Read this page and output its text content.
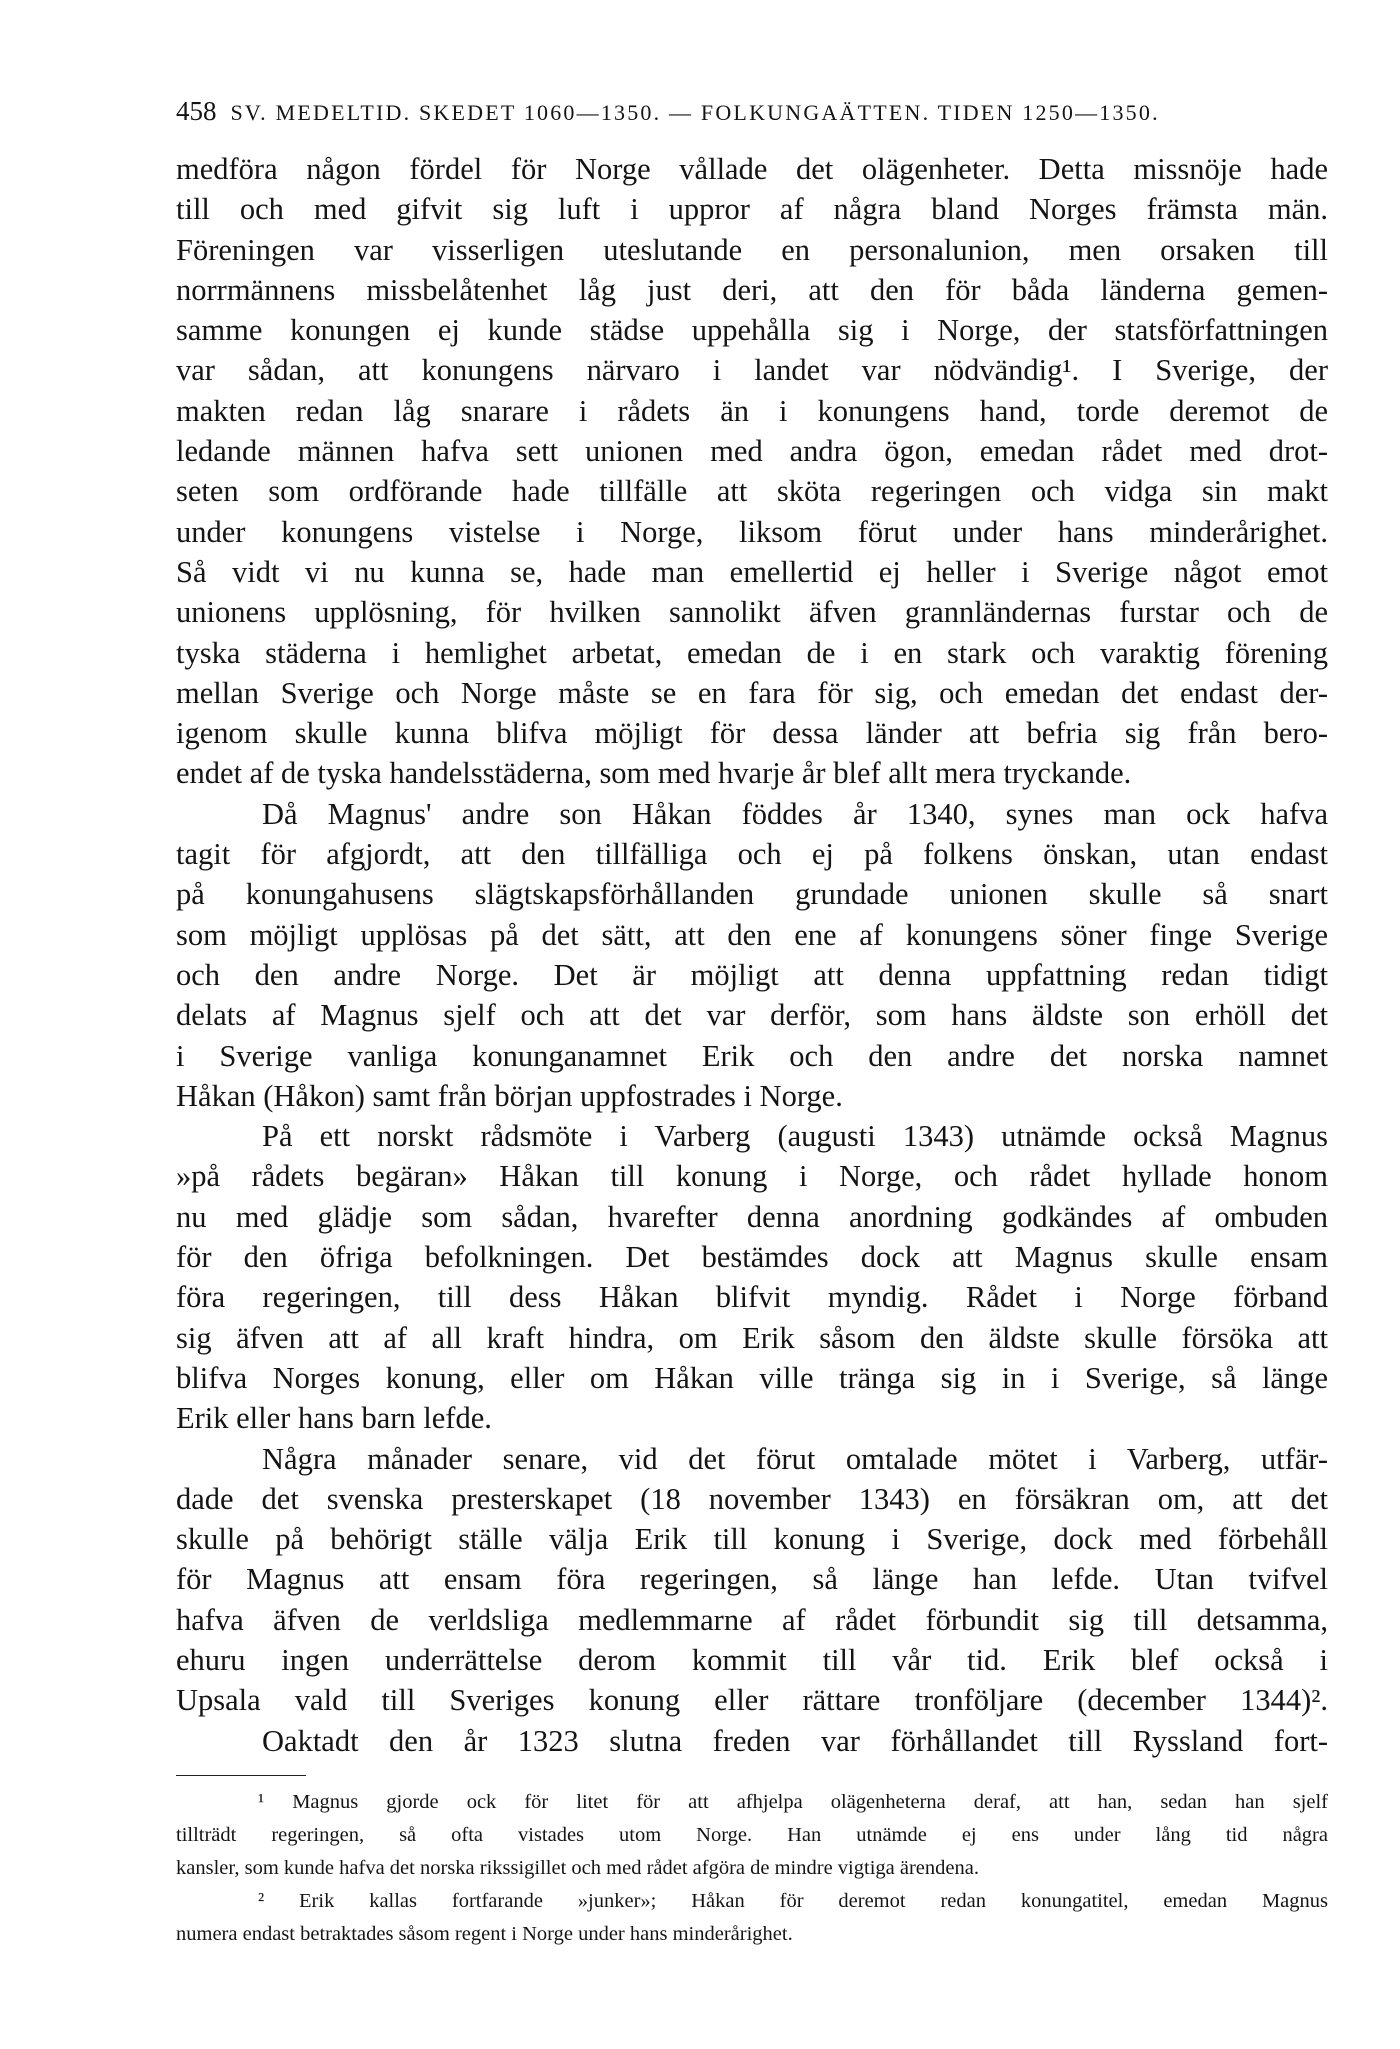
458 SV. MEDELTID. SKEDET 1060—1350. — FOLKUNGAÄTTEN. TIDEN 1250—1350.
medföra någon fördel för Norge vållade det olägenheter. Detta missnöje hade
till och med gifvit sig luft i uppror af några bland Norges främsta män.
Föreningen var visserligen uteslutande en personalunion, men orsaken till
norrmännens missbelåtenhet låg just deri, att den för båda länderna gemen-
samme konungen ej kunde städse uppehålla sig i Norge, der statsförfattningen
var sådan, att konungens närvaro i landet var nödvändig¹. I Sverige, der
makten redan låg snarare i rådets än i konungens hand, torde deremot de
ledande männen hafva sett unionen med andra ögon, emedan rådet med drot-
seten som ordförande hade tillfälle att sköta regeringen och vidga sin makt
under konungens vistelse i Norge, liksom förut under hans minderårighet.
Så vidt vi nu kunna se, hade man emellertid ej heller i Sverige något emot
unionens upplösning, för hvilken sannolikt äfven grannländernas furstar och de
tyska städerna i hemlighet arbetat, emedan de i en stark och varaktig förening
mellan Sverige och Norge måste se en fara för sig, och emedan det endast der-
igenom skulle kunna blifva möjligt för dessa länder att befria sig från bero-
endet af de tyska handelsstäderna, som med hvarje år blef allt mera tryckande.
Då Magnus' andre son Håkan föddes år 1340, synes man ock hafva
tagit för afgjordt, att den tillfälliga och ej på folkens önskan, utan endast
på konungahusens slägtskapsförhållanden grundade unionen skulle så snart
som möjligt upplösas på det sätt, att den ene af konungens söner finge Sverige
och den andre Norge. Det är möjligt att denna uppfattning redan tidigt
delats af Magnus sjelf och att det var derför, som hans äldste son erhöll det
i Sverige vanliga konunganamnet Erik och den andre det norska namnet
Håkan (Håkon) samt från början uppfostrades i Norge.
På ett norskt rådsmöte i Varberg (augusti 1343) utnämde också Magnus
»på rådets begäran» Håkan till konung i Norge, och rådet hyllade honom
nu med glädje som sådan, hvarefter denna anordning godkändes af ombuden
för den öfriga befolkningen. Det bestämdes dock att Magnus skulle ensam
föra regeringen, till dess Håkan blifvit myndig. Rådet i Norge förband
sig äfven att af all kraft hindra, om Erik såsom den äldste skulle försöka att
blifva Norges konung, eller om Håkan ville tränga sig in i Sverige, så länge
Erik eller hans barn lefde.
Några månader senare, vid det förut omtalade mötet i Varberg, utfär-
dade det svenska presterskapet (18 november 1343) en försäkran om, att det
skulle på behörigt ställe välja Erik till konung i Sverige, dock med förbehåll
för Magnus att ensam föra regeringen, så länge han lefde. Utan tvifvel
hafva äfven de verldsliga medlemmarne af rådet förbundit sig till detsamma,
ehuru ingen underrättelse derom kommit till vår tid. Erik blef också i
Upsala vald till Sveriges konung eller rättare tronföljare (december 1344)².
Oaktadt den år 1323 slutna freden var förhållandet till Ryssland fort-
¹ Magnus gjorde ock för litet för att afhjelpa olägenheterna deraf, att han, sedan han sjelf
tillträdt regeringen, så ofta vistades utom Norge. Han utnämde ej ens under lång tid några
kansler, som kunde hafva det norska rikssigillet och med rådet afgöra de mindre vigtiga ärendena.
² Erik kallas fortfarande »junker»; Håkan för deremot redan konungatitel, emedan Magnus
numera endast betraktades såsom regent i Norge under hans minderårighet.
